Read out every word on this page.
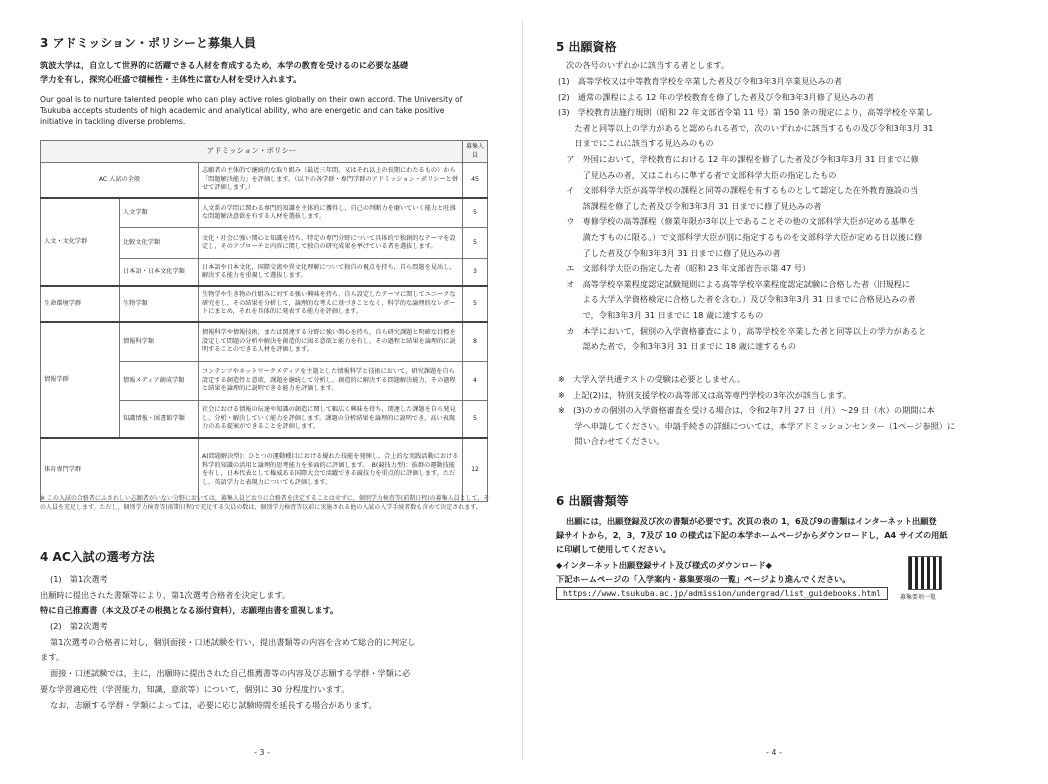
3 アドミッション・ポリシーと募集人員
筑波大学は，自立して世界的に活躍できる人材を育成するため，本学の教育を受けるのに必要な基礎
学力を有し，探究心旺盛で積極性・主体性に富む人材を受け入れます。
Our goal is to nurture talented people who can play active roles globally on their own accord. The University of
Tsukuba accepts students of high academic and analytical ability, who are energetic and can take positive
initiative in tackling diverse problems.
アドミッション・ポリシー			募集人員
AC 人試の全般		志願者の主体的で継続的な取り組み（最近三年間，又はそれ以上の長期にわたるもの）から「問題解決能力」を評価します。（以下の各学群・専門学群のアドミッション・ポリシーと併せて評価します。）	45
人文・文化学群	人文学類	人文系の学問に関わる専門的知識を主体的に獲得し，自己の判断力を磨いていく能力と旺盛な問題解決意欲を有する人材を選抜します。	5
	比較文化学類	文化・社会に強い関心と知識を持ち，特定の専門分野について具体的で独創的なテーマを設定し，そのアプローチと内容に関して独自の研究成果を挙げている者を選抜します。	5
	日本語・日本文化学類	日本語や日本文化，国際交流や異文化理解について独自の視点を持ち，自ら問題を見出し，解決する能力を重視して選抜します。	3
生命環境学群	生物学類	生物学や生き物の仕組みに対する強い興味を持ち，自ら設定したテーマに関してユニークな研究をし，その結果を分析して，論理的な考えに基づきことなく，科学的な論理的なレポートにまとめ，それを具体的に発表する能力を評価します。	5
情報学群	情報科学類	情報科学や情報技術，または関連する分野に強い関心を持ち，自ら研究課題と明確な目標を設定して問題の分析や解決を創造的に図る意欲と能力を有し，その過程と結果を論理的に説明することのできる人材を評価します。	8
	情報メディア創成学類	コンテンツやネットワークメディアを主題とした情報科学と技術において，研究課題を自ら設定する創造性と意欲，課題を継続して分析し，創造的に解決する問題解決能力，その過程と結果を論理的に説明できる能力を評価します。	4
	知識情報・図書館学類	社会における情報の伝達や知識の創造に関して幅広く興味を持ち，関連した課題を自ら発見し，分析・解決していく能力を評価します。課題の分析結果を論理的に説明でき，高い表現力のある提案ができることを評価します。	5
体育専門学群		A(問題解決型)：ひとつの運動種目における優れた技能を発揮し，合上的な実践活動における科学的知識の活用と論理的思考能力を多面的に評価します。　B(競技力型)：抜群の運動技能を有し，日本代表として権威ある国際大会で活躍できる競技力を重点的に評価します。ただし，英語学力と表現力についても評価します。	12
※ この入試の合格者にふさわしい志願者がいない分野においては，募集人員どおりに合格者を決定することはせずに，個別学力検査等(前期日程)の募集人員として，その人員を充足します。ただし，個別学力検査等(前期日程)で充足する欠員の数は，個別学力検査等以前に実施される他の入試の入学手続者数も含めて決定されます。
4 AC入試の選考方法
(1)　第1次選考
出願時に提出された書類等により，第1次選考合格者を決定します。
特に自己推薦書（本文及びその根拠となる添付資料），志願理由書を重視します。
(2)　第2次選考
第1次選考の合格者に対し，個別面接・口述試験を行い，提出書類等の内容を含めて総合的に判定し
ます。
面接・口述試験では，主に，出願時に提出された自己推薦書等の内容及び志願する学群・学類に必
要な学習適応性（学習能力，知識，意欲等）について，個別に 30 分程度行います。
なお，志願する学群・学類によっては，必要に応じ試験時間を延長する場合があります。
- 3 -
5 出願資格
次の各号のいずれかに該当する者とします。
(1)　高等学校又は中等教育学校を卒業した者及び令和3年3月卒業見込みの者
(2)　通常の課程による 12 年の学校教育を修了した者及び令和3年3月修了見込みの者
(3)　学校教育法施行規則（昭和 22 年文部省令第 11 号）第 150 条の規定により，高等学校を卒業し
　　た者と同等以上の学力があると認められる者で，次のいずれかに該当するもの及び令和3年3月 31
　　日までにこれに該当する見込みのもの
　ア　外国において，学校教育における 12 年の課程を修了した者及び令和3年3月 31 日までに修
　　　了見込みの者，又はこれらに準ずる者で文部科学大臣の指定したもの
　イ　文部科学大臣が高等学校の課程と同等の課程を有するものとして認定した在外教育施設の当
　　　該課程を修了した者及び令和3年3月 31 日までに修了見込みの者
　ウ　専修学校の高等課程（修業年限が3年以上であることその他の文部科学大臣が定める基準を
　　　満たすものに限る。）で文部科学大臣が別に指定するものを文部科学大臣が定める日以後に修
　　　了した者及び令和3年3月 31 日までに修了見込みの者
　エ　文部科学大臣の指定した者（昭和 23 年文部省告示第 47 号）
　オ　高等学校卒業程度認定試験規則による高等学校卒業程度認定試験に合格した者（旧規程に
　　　よる大学入学資格検定に合格した者を含む。）及び令和3年3月 31 日までに合格見込みの者
　　　で，令和3年3月 31 日までに 18 歳に達するもの
　カ　本学において，個別の入学資格審査により，高等学校を卒業した者と同等以上の学力があると
　　　認めた者で，令和3年3月 31 日までに 18 歳に達するもの
※　大学入学共通テストの受験は必要としません。
※　上記(2)は，特別支援学校の高等部又は高等専門学校の3年次が該当します。
※　(3)のカの個別の入学資格審査を受ける場合は，令和2年7月 27 日（月）～29 日（水）の期間に本
　　学へ申請してください。申請手続きの詳細については，本学アドミッションセンター（1ページ参照）に
　　問い合わせてください。
6 出願書類等
出願には，出願登録及び次の書類が必要です。次頁の表の 1，6及び9の書類はインターネット出願登
録サイトから，2，3，7及び 10 の様式は下記の本学ホームページからダウンロードし，A4 サイズの用紙
に印刷して使用してください。
◆インターネット出願登録サイト及び様式のダウンロード◆
下記ホームページの「入学案内・募集要項の一覧」ページより進んでください。
https://www.tsukuba.ac.jp/admission/undergrad/list_guidebooks.html	募集要項一覧
- 4 -
